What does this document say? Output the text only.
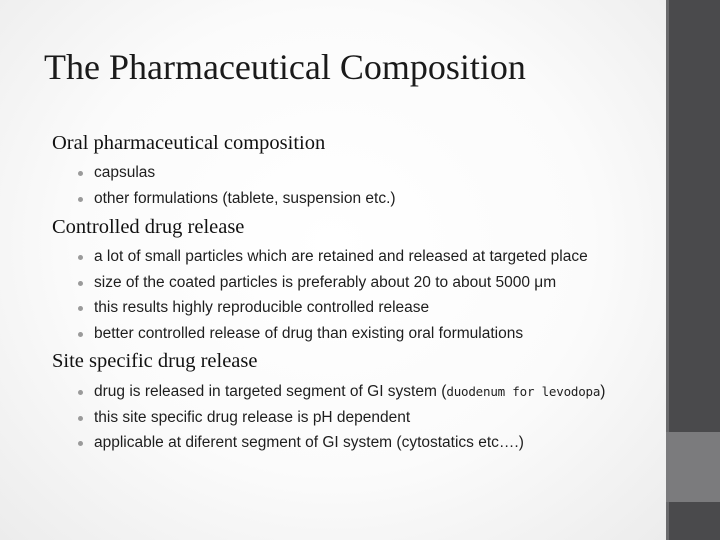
The Pharmaceutical Composition
Oral pharmaceutical composition
capsulas
other formulations (tablete, suspension etc.)
Controlled drug release
a lot of small particles which are retained and released at targeted place
size of the coated particles is preferably about 20 to about 5000 μm
this results highly reproducible controlled release
better controlled release of drug than existing oral formulations
Site specific drug release
drug is released in targeted segment of GI system (duodenum for levodopa)
this site specific drug release is pH dependent
applicable at diferent segment of GI system (cytostatics etc….)
